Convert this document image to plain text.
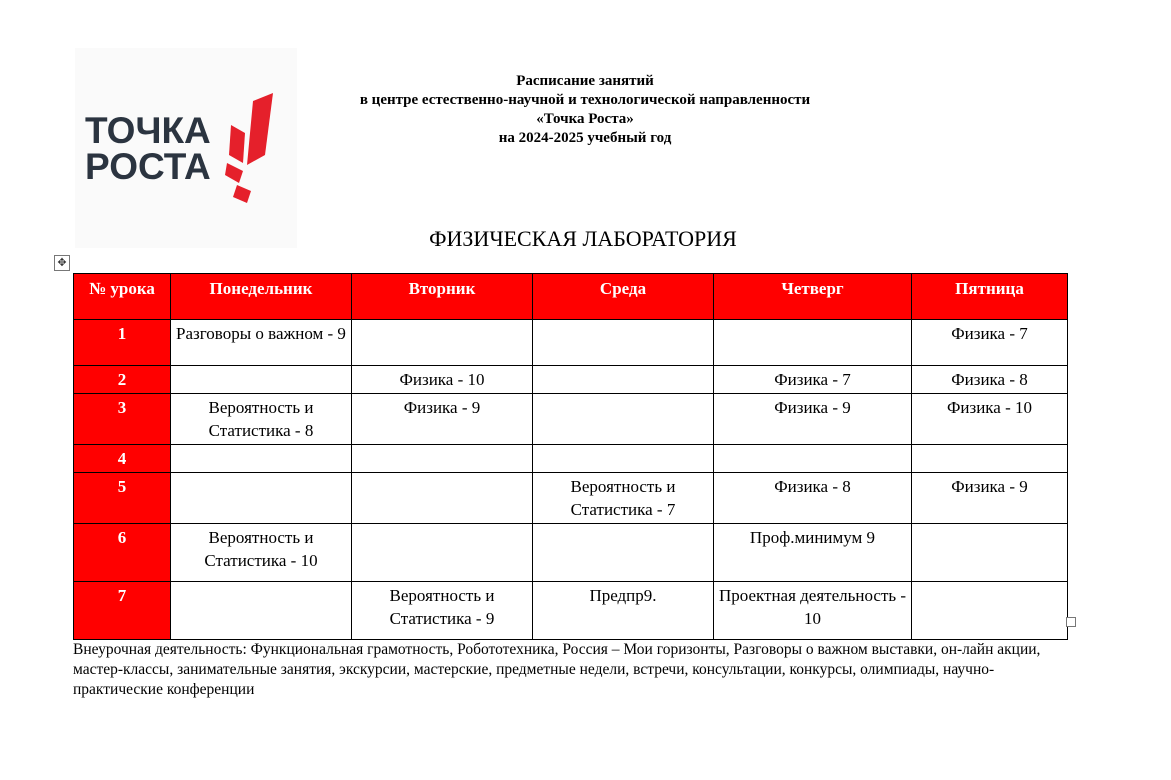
ТОЧКА
РОСТА
Расписание занятий
в центре естественно-научной и технологической направленности
«Точка Роста»
на 2024-2025 учебный год
ФИЗИЧЕСКАЯ ЛАБОРАТОРИЯ
✥
№ урока	Понедельник	Вторник	Среда	Четверг	Пятница
1	Разговоры о важном - 9				Физика - 7
2		Физика - 10		Физика - 7	Физика - 8
3	Вероятность и Статистика - 8	Физика - 9		Физика - 9	Физика - 10
4					
5			Вероятность и Статистика - 7	Физика - 8	Физика - 9
6	Вероятность и Статистика - 10			Проф.минимум 9	
7		Вероятность и Статистика - 9	Предпр9.	Проектная деятельность - 10	
Внеурочная деятельность: Функциональная грамотность, Робототехника, Россия – Мои горизонты, Разговоры о важном выставки, он-лайн акции, мастер-классы, занимательные занятия, экскурсии, мастерские, предметные недели, встречи, консультации, конкурсы, олимпиады, научно-практические конференции
